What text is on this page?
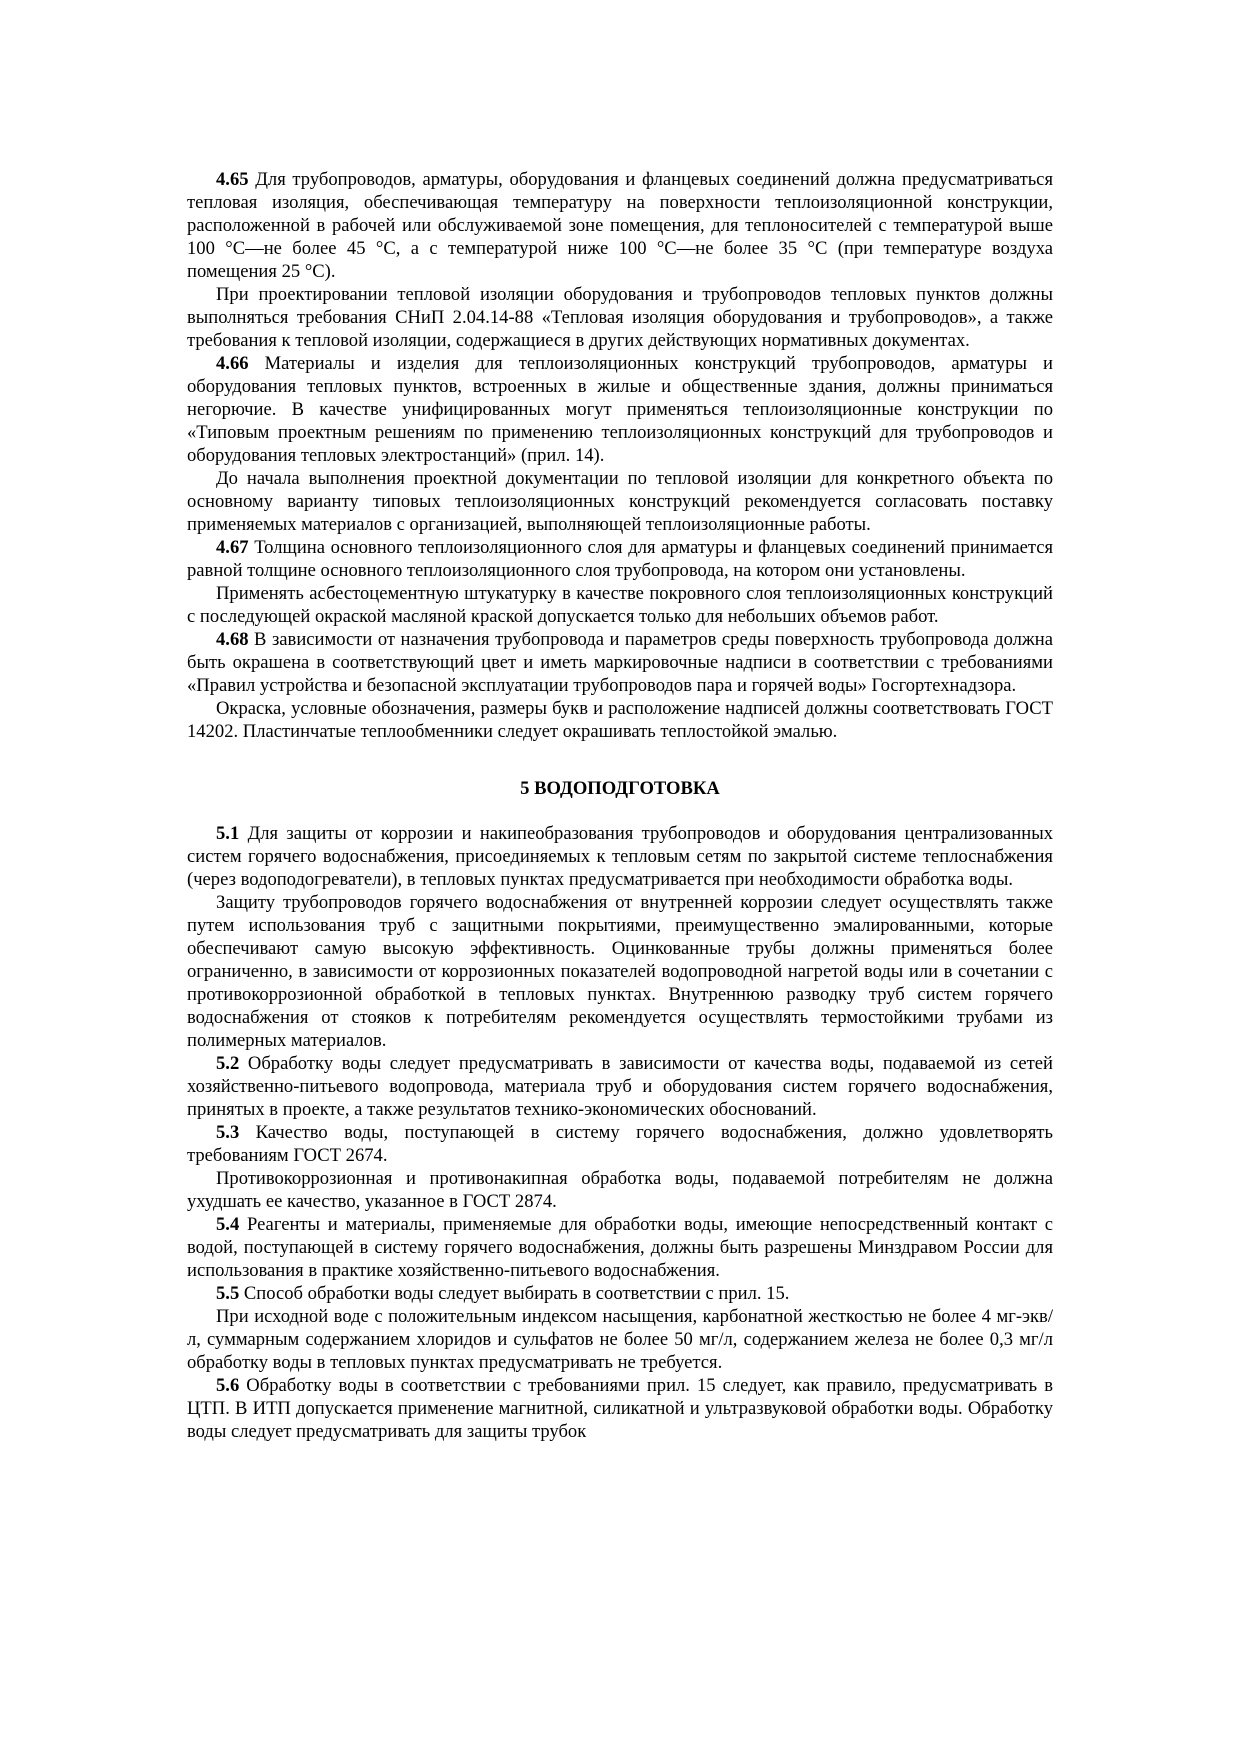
4.65 Для трубопроводов, арматуры, оборудования и фланцевых соединений должна предусматриваться тепловая изоляция, обеспечивающая температуру на поверхности теплоизоляционной конструкции, расположенной в рабочей или обслуживаемой зоне помещения, для теплоносителей с температурой выше 100 °С—не более 45 °С, а с температурой ниже 100 °С—не более 35 °С (при температуре воздуха помещения 25 °С).

При проектировании тепловой изоляции оборудования и трубопроводов тепловых пунктов должны выполняться требования СНиП 2.04.14-88 «Тепловая изоляция оборудования и трубопроводов», а также требования к тепловой изоляции, содержащиеся в других действующих нормативных документах.

4.66 Материалы и изделия для теплоизоляционных конструкций трубопроводов, арматуры и оборудования тепловых пунктов, встроенных в жилые и общественные здания, должны приниматься негорючие. В качестве унифицированных могут применяться теплоизоляционные конструкции по «Типовым проектным решениям по применению теплоизоляционных конструкций для трубопроводов и оборудования тепловых электростанций» (прил. 14).

До начала выполнения проектной документации по тепловой изоляции для конкретного объекта по основному варианту типовых теплоизоляционных конструкций рекомендуется согласовать поставку применяемых материалов с организацией, выполняющей теплоизоляционные работы.

4.67 Толщина основного теплоизоляционного слоя для арматуры и фланцевых соединений принимается равной толщине основного теплоизоляционного слоя трубопровода, на котором они установлены.

Применять асбестоцементную штукатурку в качестве покровного слоя теплоизоляционных конструкций с последующей окраской масляной краской допускается только для небольших объемов работ.

4.68 В зависимости от назначения трубопровода и параметров среды поверхность трубопровода должна быть окрашена в соответствующий цвет и иметь маркировочные надписи в соответствии с требованиями «Правил устройства и безопасной эксплуатации трубопроводов пара и горячей воды» Госгортехнадзора.

Окраска, условные обозначения, размеры букв и расположение надписей должны соответствовать ГОСТ 14202. Пластинчатые теплообменники следует окрашивать теплостойкой эмалью.

5 ВОДОПОДГОТОВКА

5.1 Для защиты от коррозии и накипеобразования трубопроводов и оборудования централизованных систем горячего водоснабжения, присоединяемых к тепловым сетям по закрытой системе теплоснабжения (через водоподогреватели), в тепловых пунктах предусматривается при необходимости обработка воды.

Защиту трубопроводов горячего водоснабжения от внутренней коррозии следует осуществлять также путем использования труб с защитными покрытиями, преимущественно эмалированными, которые обеспечивают самую высокую эффективность. Оцинкованные трубы должны применяться более ограниченно, в зависимости от коррозионных показателей водопроводной нагретой воды или в сочетании с противокоррозионной обработкой в тепловых пунктах. Внутреннюю разводку труб систем горячего водоснабжения от стояков к потребителям рекомендуется осуществлять термостойкими трубами из полимерных материалов.

5.2 Обработку воды следует предусматривать в зависимости от качества воды, подаваемой из сетей хозяйственно-питьевого водопровода, материала труб и оборудования систем горячего водоснабжения, принятых в проекте, а также результатов технико-экономических обоснований.

5.3 Качество воды, поступающей в систему горячего водоснабжения, должно удовлетворять требованиям ГОСТ 2674.

Противокоррозионная и противонакипная обработка воды, подаваемой потребителям не должна ухудшать ее качество, указанное в ГОСТ 2874.

5.4 Реагенты и материалы, применяемые для обработки воды, имеющие непосредственный контакт с водой, поступающей в систему горячего водоснабжения, должны быть разрешены Минздравом России для использования в практике хозяйственно-питьевого водоснабжения.

5.5 Способ обработки воды следует выбирать в соответствии с прил. 15.

При исходной воде с положительным индексом насыщения, карбонатной жесткостью не более 4 мг-экв/л, суммарным содержанием хлоридов и сульфатов не более 50 мг/л, содержанием железа не более 0,3 мг/л обработку воды в тепловых пунктах предусматривать не требуется.

5.6 Обработку воды в соответствии с требованиями прил. 15 следует, как правило, предусматривать в ЦТП. В ИТП допускается применение магнитной, силикатной и ультразвуковой обработки воды. Обработку воды следует предусматривать для защиты трубок
